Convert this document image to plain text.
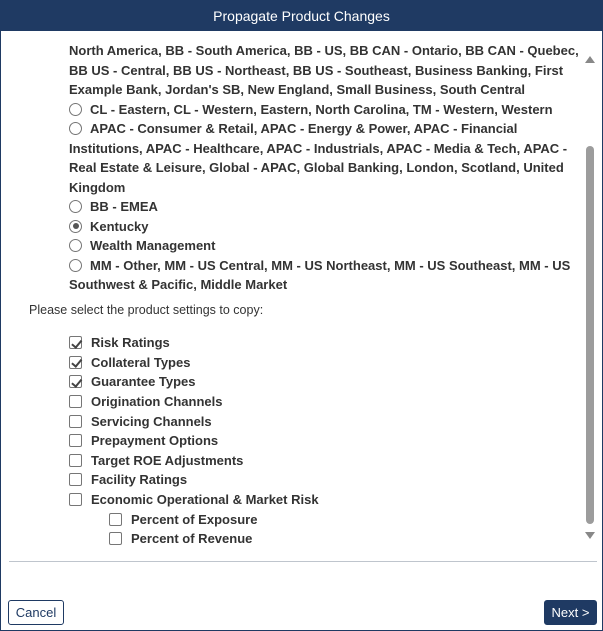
Propagate Product Changes
North America, BB - South America, BB - US, BB CAN - Ontario, BB CAN - Quebec, BB US - Central, BB US - Northeast, BB US - Southeast, Business Banking, First Example Bank, Jordan's SB, New England, Small Business, South Central
CL - Eastern, CL - Western, Eastern, North Carolina, TM - Western, Western
APAC - Consumer & Retail, APAC - Energy & Power, APAC - Financial Institutions, APAC - Healthcare, APAC - Industrials, APAC - Media & Tech, APAC - Real Estate & Leisure, Global - APAC, Global Banking, London, Scotland, United Kingdom
BB - EMEA
Kentucky
Wealth Management
MM - Other, MM - US Central, MM - US Northeast, MM - US Southeast, MM - US Southwest & Pacific, Middle Market
Please select the product settings to copy:
Risk Ratings
Collateral Types
Guarantee Types
Origination Channels
Servicing Channels
Prepayment Options
Target ROE Adjustments
Facility Ratings
Economic Operational & Market Risk
Percent of Exposure
Percent of Revenue
Cancel	Next >
